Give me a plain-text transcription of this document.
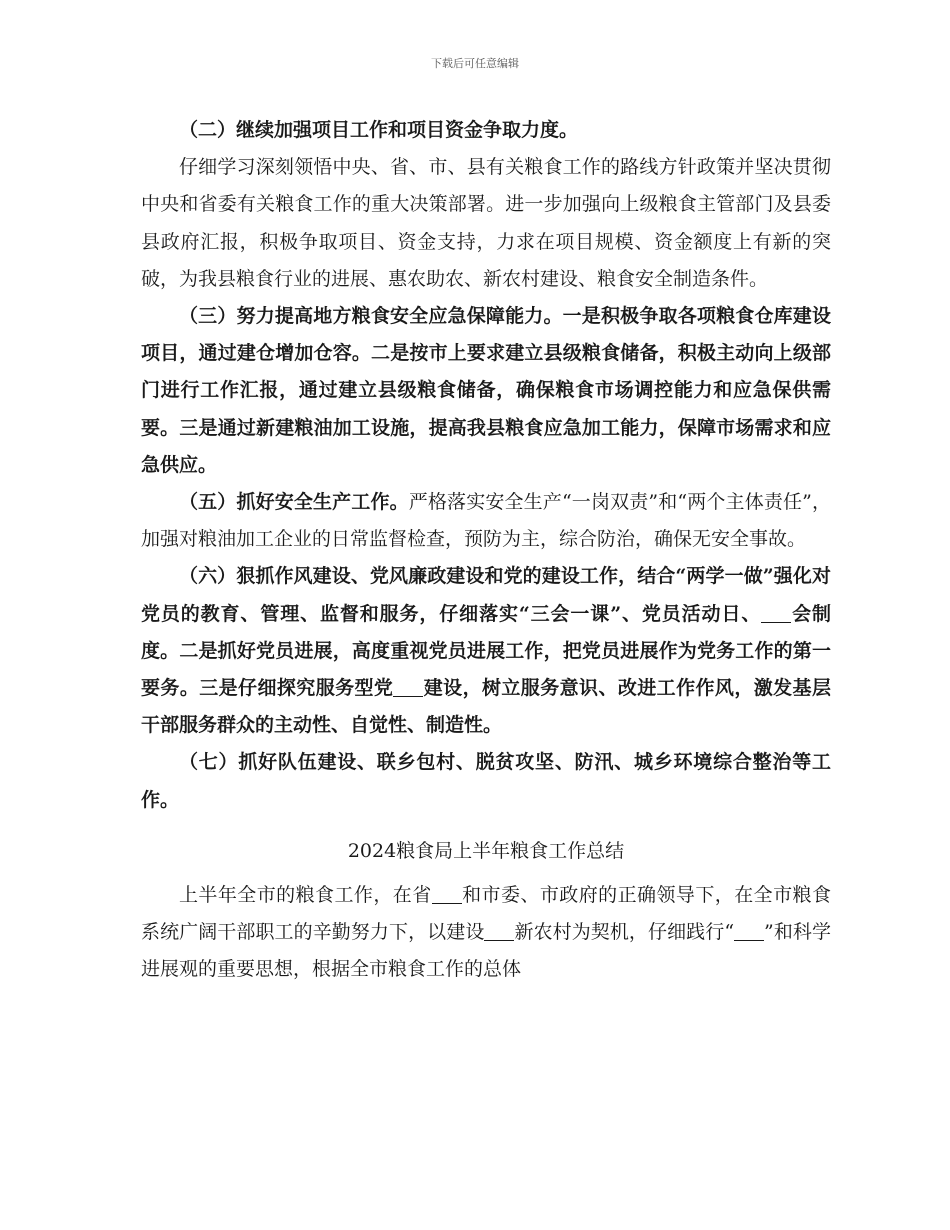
下载后可任意编辑

（二）继续加强项目工作和项目资金争取力度。

仔细学习深刻领悟中央、省、市、县有关粮食工作的路线方针政策并坚决贯彻中央和省委有关粮食工作的重大决策部署。进一步加强向上级粮食主管部门及县委县政府汇报，积极争取项目、资金支持，力求在项目规模、资金额度上有新的突破，为我县粮食行业的进展、惠农助农、新农村建设、粮食安全制造条件。

（三）努力提高地方粮食安全应急保障能力。一是积极争取各项粮食仓库建设项目，通过建仓增加仓容。二是按市上要求建立县级粮食储备，积极主动向上级部门进行工作汇报，通过建立县级粮食储备，确保粮食市场调控能力和应急保供需要。三是通过新建粮油加工设施，提高我县粮食应急加工能力，保障市场需求和应急供应。

（五）抓好安全生产工作。严格落实安全生产“一岗双责”和“两个主体责任”，加强对粮油加工企业的日常监督检查，预防为主，综合防治，确保无安全事故。

（六）狠抓作风建设、党风廉政建设和党的建设工作，结合“两学一做”强化对党员的教育、管理、监督和服务，仔细落实“三会一课”、党员活动日、 会制度。二是抓好党员进展，高度重视党员进展工作，把党员进展作为党务工作的第一要务。三是仔细探究服务型党 建设，树立服务意识、改进工作作风，激发基层干部服务群众的主动性、自觉性、制造性。

（七）抓好队伍建设、联乡包村、脱贫攻坚、防汛、城乡环境综合整治等工作。

2024粮食局上半年粮食工作总结

上半年全市的粮食工作，在省 和市委、市政府的正确领导下，在全市粮食系统广阔干部职工的辛勤努力下，以建设 新农村为契机，仔细践行“ ”和科学进展观的重要思想，根据全市粮食工作的总体
